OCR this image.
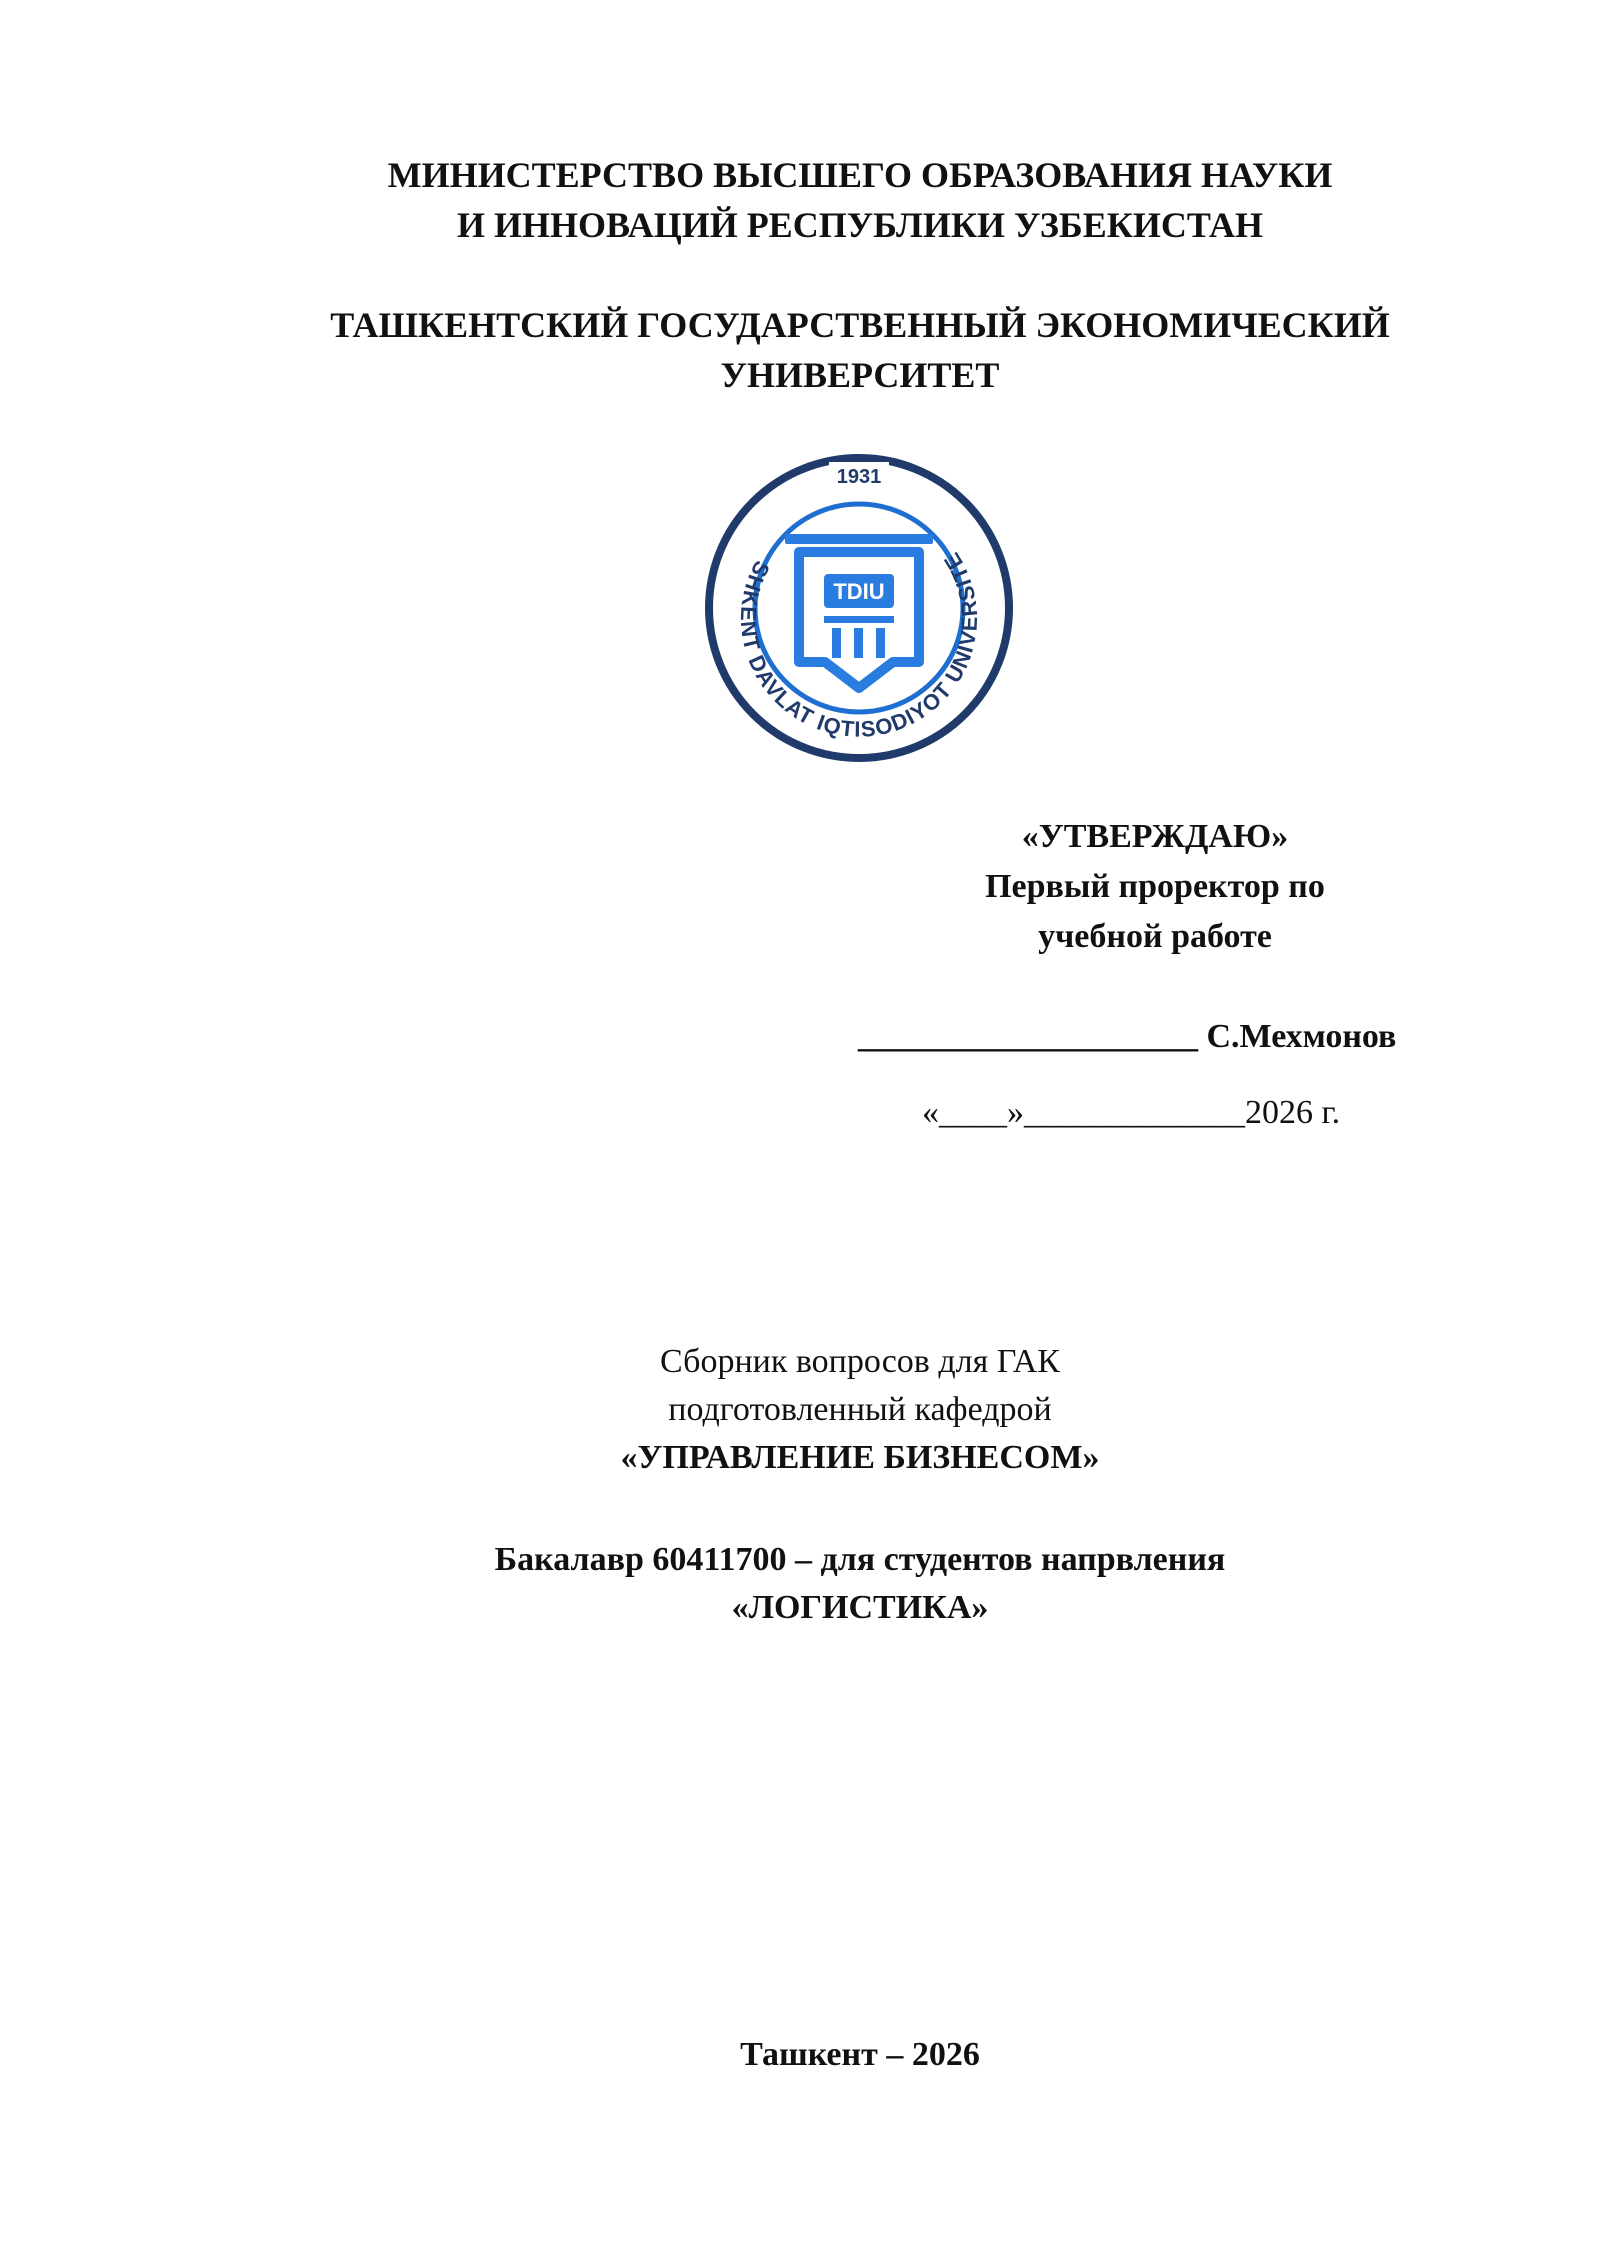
МИНИСТЕРСТВО ВЫСШЕГО ОБРАЗОВАНИЯ НАУКИ
И ИННОВАЦИЙ РЕСПУБЛИКИ УЗБЕКИСТАН
ТАШКЕНТСКИЙ ГОСУДАРСТВЕННЫЙ ЭКОНОМИЧЕСКИЙ
УНИВЕРСИТЕТ
1931
SHKENT DAVLAT IQTISODIYOT UNIVERSITE
TDIU
«УТВЕРЖДАЮ»
Первый проректор по
учебной работе
____________________ С.Мехмонов
«____»_____________2026 г.
Сборник вопросов для ГАК
подготовленный кафедрой
«УПРАВЛЕНИЕ БИЗНЕСОМ»
Бакалавр 60411700 – для студентов напрвления
«ЛОГИСТИКА»
Ташкент – 2026
